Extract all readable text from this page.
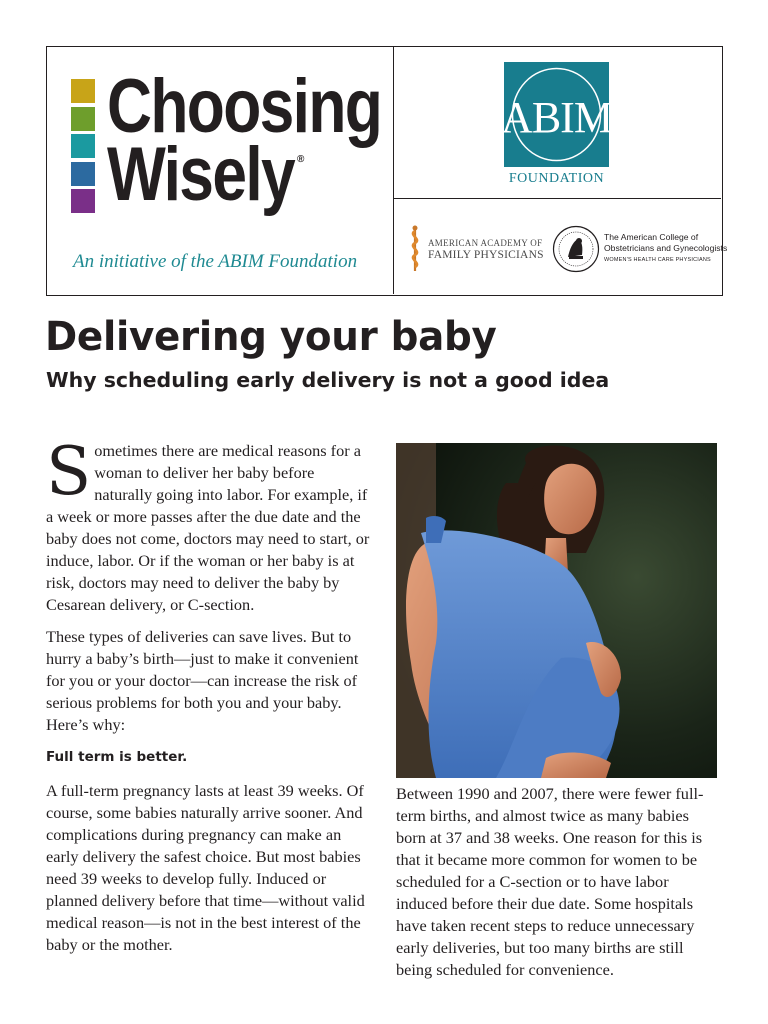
Choosing
Wisely ®
An initiative of the ABIM Foundation
ABIM
FOUNDATION
AMERICAN ACADEMY OF
FAMILY PHYSICIANS
The American College of
Obstetricians and Gynecologists
WOMEN'S HEALTH CARE PHYSICIANS
Delivering your baby
Why scheduling early delivery is not a good idea

Sometimes there are medical reasons for a woman to deliver her baby before naturally going into labor. For example, if a week or more passes after the due date and the baby does not come, doctors may need to start, or induce, labor. Or if the woman or her baby is at risk, doctors may need to deliver the baby by Cesarean delivery, or C-section.

These types of deliveries can save lives. But to hurry a baby’s birth—just to make it convenient for you or your doctor—can increase the risk of serious problems for both you and your baby. Here’s why:

Full term is better.

A full-term pregnancy lasts at least 39 weeks. Of course, some babies naturally arrive sooner. And complications during pregnancy can make an early delivery the safest choice. But most babies need 39 weeks to develop fully. Induced or planned delivery before that time—without valid medical reason—is not in the best interest of the baby or the mother.

Between 1990 and 2007, there were fewer full-term births, and almost twice as many babies born at 37 and 38 weeks. One reason for this is that it became more common for women to be scheduled for a C-section or to have labor induced before their due date. Some hospitals have taken recent steps to reduce unnecessary early deliveries, but too many births are still being scheduled for convenience.
